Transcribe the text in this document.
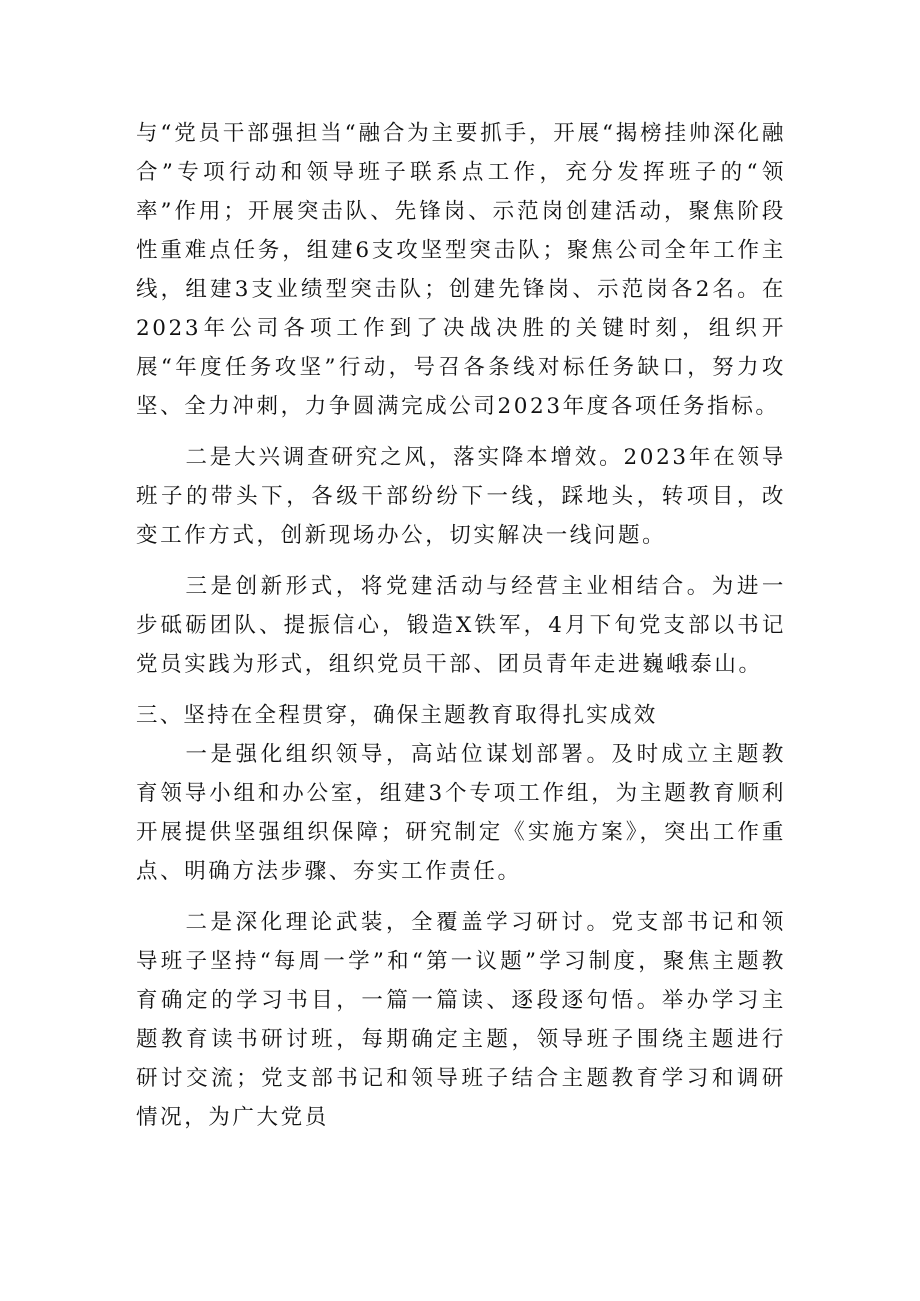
与“党员干部强担当“融合为主要抓手，开展“揭榜挂帅深化融合”专项行动和领导班子联系点工作，充分发挥班子的“领率”作用；开展突击队、先锋岗、示范岗创建活动，聚焦阶段性重难点任务，组建6支攻坚型突击队；聚焦公司全年工作主线，组建3支业绩型突击队；创建先锋岗、示范岗各2名。在2023年公司各项工作到了决战决胜的关键时刻，组织开展“年度任务攻坚”行动，号召各条线对标任务缺口，努力攻坚、全力冲刺，力争圆满完成公司2023年度各项任务指标。

二是大兴调查研究之风，落实降本增效。2023年在领导班子的带头下，各级干部纷纷下一线，踩地头，转项目，改变工作方式，创新现场办公，切实解决一线问题。

三是创新形式，将党建活动与经营主业相结合。为进一步砥砺团队、提振信心，锻造X铁军，4月下旬党支部以书记党员实践为形式，组织党员干部、团员青年走进巍峨泰山。

三、坚持在全程贯穿，确保主题教育取得扎实成效

一是强化组织领导，高站位谋划部署。及时成立主题教育领导小组和办公室，组建3个专项工作组，为主题教育顺利开展提供坚强组织保障；研究制定《实施方案》，突出工作重点、明确方法步骤、夯实工作责任。

二是深化理论武装，全覆盖学习研讨。党支部书记和领导班子坚持“每周一学”和“第一议题”学习制度，聚焦主题教育确定的学习书目，一篇一篇读、逐段逐句悟。举办学习主题教育读书研讨班，每期确定主题，领导班子围绕主题进行研讨交流；党支部书记和领导班子结合主题教育学习和调研情况，为广大党员
